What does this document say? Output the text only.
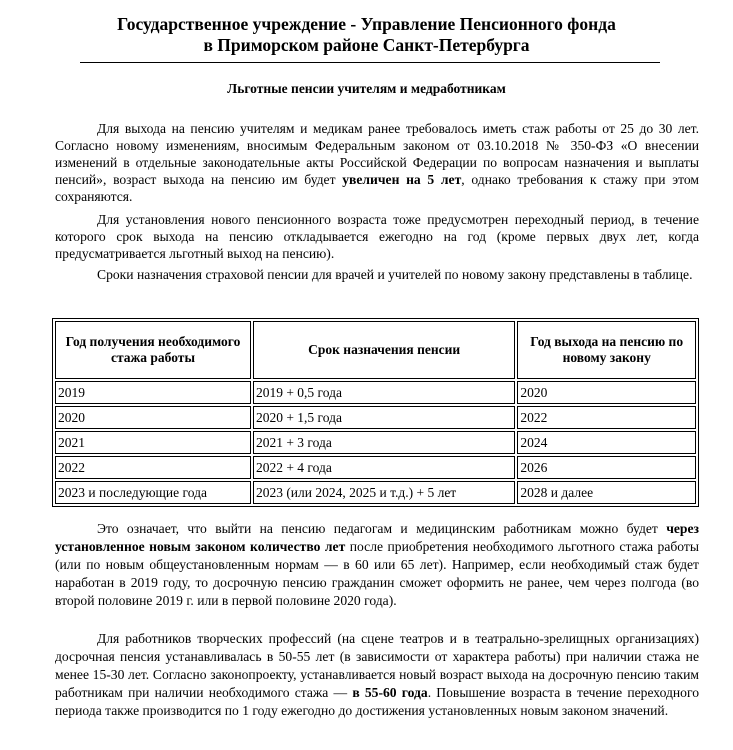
Государственное учреждение - Управление Пенсионного фонда
в Приморском районе Санкт-Петербурга
Льготные пенсии учителям и медработникам

Для выхода на пенсию учителям и медикам ранее требовалось иметь стаж работы от 25 до 30 лет. Согласно новому изменениям, вносимым Федеральным законом от 03.10.2018 № 350-ФЗ «О внесении изменений в отдельные законодательные акты Российской Федерации по вопросам назначения и выплаты пенсий», возраст выхода на пенсию им будет увеличен на 5 лет, однако требования к стажу при этом сохраняются.

Для установления нового пенсионного возраста тоже предусмотрен переходный период, в течение которого срок выхода на пенсию откладывается ежегодно на год (кроме первых двух лет, когда предусматривается льготный выход на пенсию).

Сроки назначения страховой пенсии для врачей и учителей по новому закону представлены в таблице.

Год получения необходимого стажа работы	Срок назначения пенсии	Год выхода на пенсию по новому закону
2019	2019 + 0,5 года	2020
2020	2020 + 1,5 года	2022
2021	2021 + 3 года	2024
2022	2022 + 4 года	2026
2023 и последующие года	2023 (или 2024, 2025 и т.д.) + 5 лет	2028 и далее

Это означает, что выйти на пенсию педагогам и медицинским работникам можно будет через установленное новым законом количество лет после приобретения необходимого льготного стажа работы (или по новым общеустановленным нормам — в 60 или 65 лет). Например, если необходимый стаж будет наработан в 2019 году, то досрочную пенсию гражданин сможет оформить не ранее, чем через полгода (во второй половине 2019 г. или в первой половине 2020 года).

Для работников творческих профессий (на сцене театров и в театрально-зрелищных организациях) досрочная пенсия устанавливалась в 50-55 лет (в зависимости от характера работы) при наличии стажа не менее 15-30 лет. Согласно законопроекту, устанавливается новый возраст выхода на досрочную пенсию таким работникам при наличии необходимого стажа — в 55-60 года. Повышение возраста в течение переходного периода также производится по 1 году ежегодно до достижения установленных новым законом значений.
